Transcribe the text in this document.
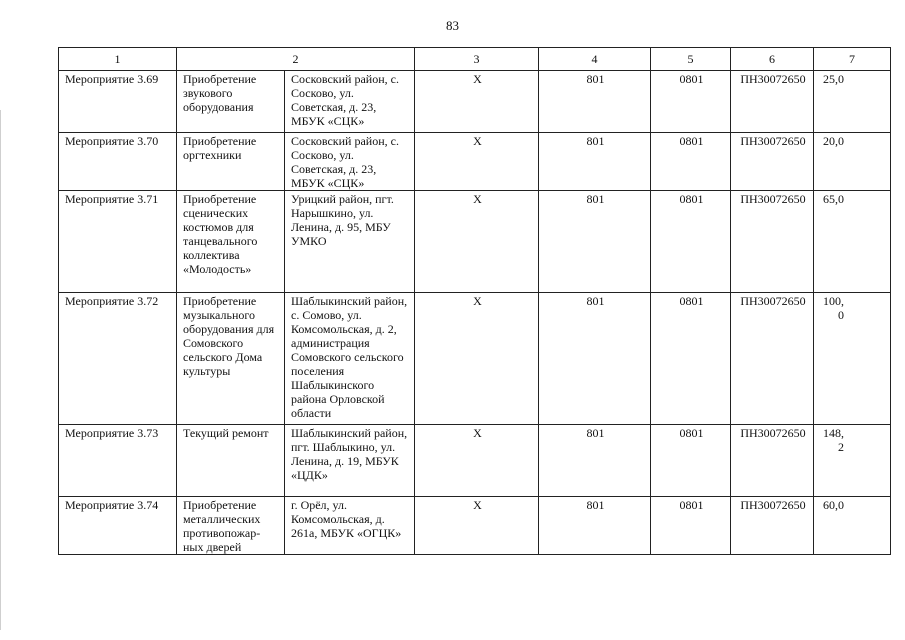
83
1	2		3	4	5	6	7
Мероприятие 3.69	Приобретение звукового оборудования	Сосковский район, с. Сосково, ул. Советская, д. 23, МБУК «СЦК»	Х	801	0801	ПН30072650	25,0
Мероприятие 3.70	Приобретение оргтехники	Сосковский район, с. Сосково, ул. Советская, д. 23, МБУК «СЦК»	Х	801	0801	ПН30072650	20,0
Мероприятие 3.71	Приобретение сценических костюмов для танцевального коллектива «Молодость»	Урицкий район, пгт. Нарышкино, ул. Ленина, д. 95, МБУ УМКО	Х	801	0801	ПН30072650	65,0
Мероприятие 3.72	Приобретение музыкального оборудования для Сомовского сельского Дома культуры	Шаблыкинский район, с. Сомово, ул. Комсомольская, д. 2, администрация Сомовского сельского поселения Шаблыкинского района Орловской области	Х	801	0801	ПН30072650	100,0
Мероприятие 3.73	Текущий ремонт	Шаблыкинский район, пгт. Шаблыкино, ул. Ленина, д. 19, МБУК «ЦДК»	Х	801	0801	ПН30072650	148,2
Мероприятие 3.74	Приобретение металлических противопожар-ных дверей	г. Орёл, ул. Комсомольская, д. 261а, МБУК «ОГЦК»	Х	801	0801	ПН30072650	60,0
